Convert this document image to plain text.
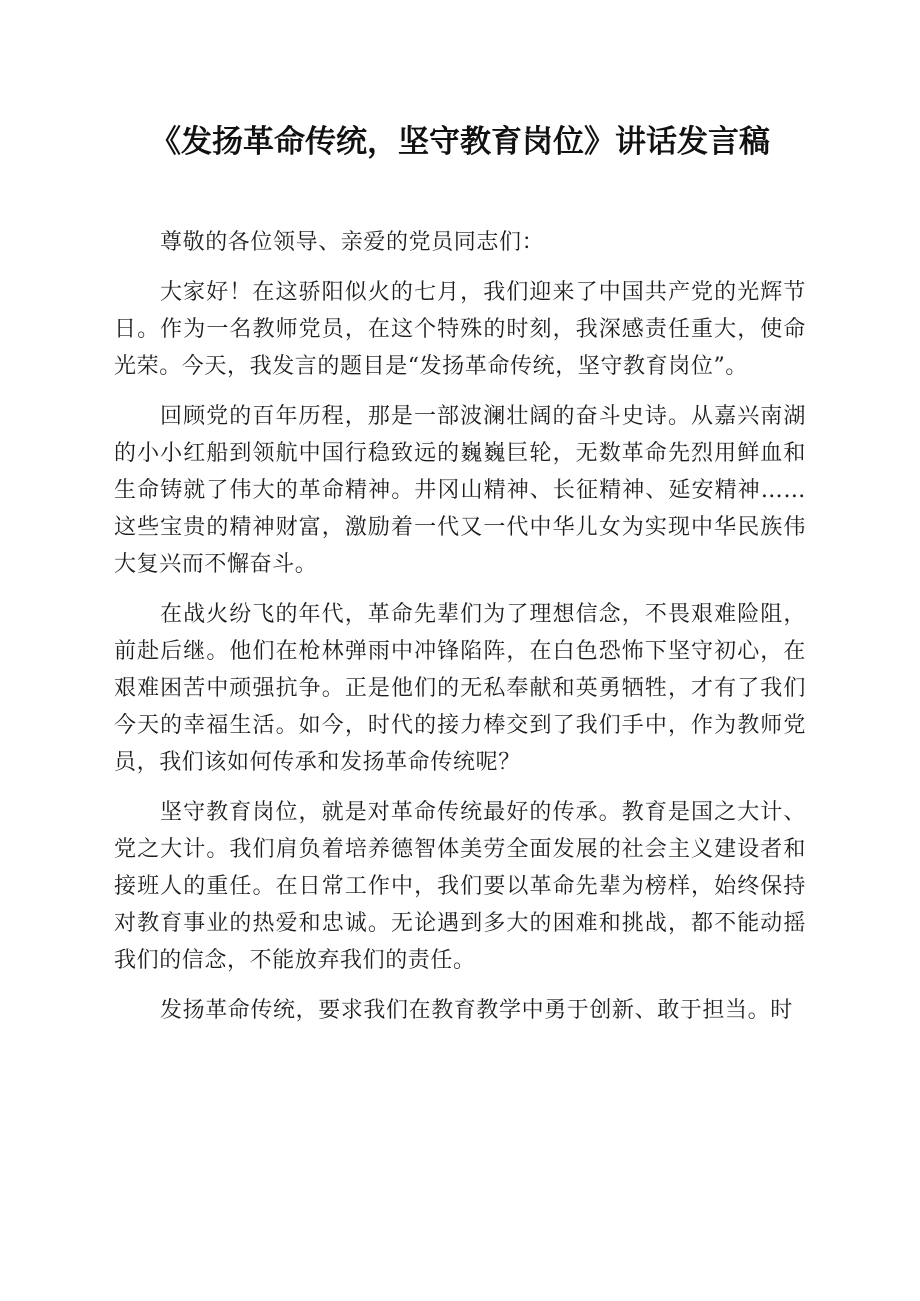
《发扬革命传统，坚守教育岗位》讲话发言稿

尊敬的各位领导、亲爱的党员同志们：

大家好！在这骄阳似火的七月，我们迎来了中国共产党的光辉节日。作为一名教师党员，在这个特殊的时刻，我深感责任重大，使命光荣。今天，我发言的题目是“发扬革命传统，坚守教育岗位”。

回顾党的百年历程，那是一部波澜壮阔的奋斗史诗。从嘉兴南湖的小小红船到领航中国行稳致远的巍巍巨轮，无数革命先烈用鲜血和生命铸就了伟大的革命精神。井冈山精神、长征精神、延安精神……这些宝贵的精神财富，激励着一代又一代中华儿女为实现中华民族伟大复兴而不懈奋斗。

在战火纷飞的年代，革命先辈们为了理想信念，不畏艰难险阻，前赴后继。他们在枪林弹雨中冲锋陷阵，在白色恐怖下坚守初心，在艰难困苦中顽强抗争。正是他们的无私奉献和英勇牺牲，才有了我们今天的幸福生活。如今，时代的接力棒交到了我们手中，作为教师党员，我们该如何传承和发扬革命传统呢？

坚守教育岗位，就是对革命传统最好的传承。教育是国之大计、党之大计。我们肩负着培养德智体美劳全面发展的社会主义建设者和接班人的重任。在日常工作中，我们要以革命先辈为榜样，始终保持对教育事业的热爱和忠诚。无论遇到多大的困难和挑战，都不能动摇我们的信念，不能放弃我们的责任。

发扬革命传统，要求我们在教育教学中勇于创新、敢于担当。时
